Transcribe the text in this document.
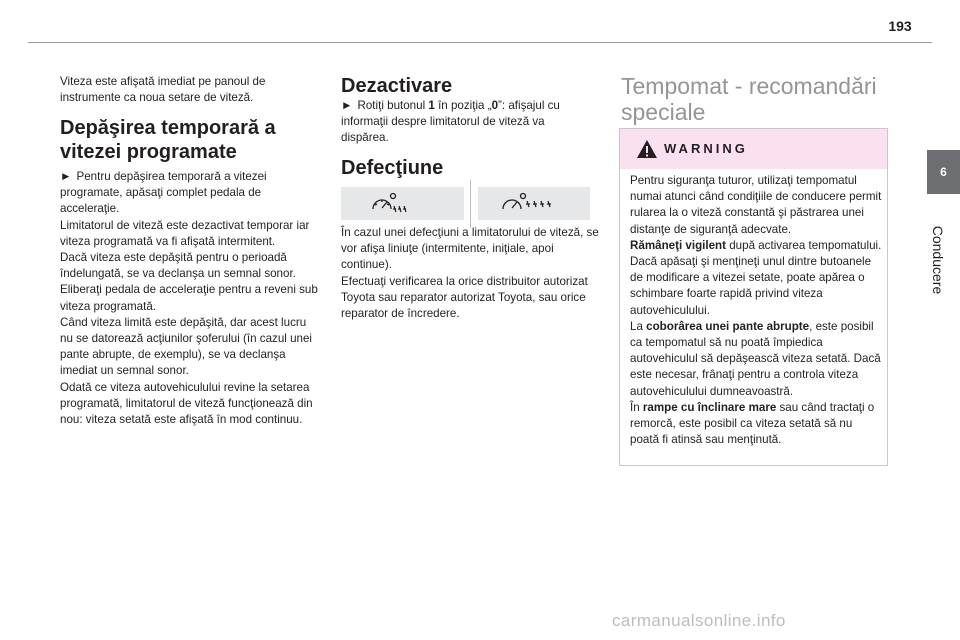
193
6
Conducere

Viteza este afişată imediat pe panoul de instrumente ca noua setare de viteză.

Depăşirea temporară a

vitezei programate

► Pentru depăşirea temporară a vitezei programate, apăsaţi complet pedala de acceleraţie.

Limitatorul de viteză este dezactivat temporar iar viteza programată va fi afişată intermitent.

Dacă viteza este depăşită pentru o perioadă îndelungată, se va declanşa un semnal sonor.

Eliberaţi pedala de acceleraţie pentru a reveni sub viteza programată.

Când viteza limită este depăşită, dar acest lucru nu se datorează acţiunilor şoferului (în cazul unei pante abrupte, de exemplu), se va declanşa imediat un semnal sonor.

Odată ce viteza autovehiculului revine la setarea programată, limitatorul de viteză funcţionează din nou: viteza setată este afişată în mod continuu.

Dezactivare

► Rotiţi butonul 1 în poziţia „0”: afişajul cu informaţii despre limitatorul de viteză va dispărea.

Defecţiune

În cazul unei defecţiuni a limitatorului de viteză, se vor afişa liniuţe (intermitente, iniţiale, apoi continue).

Efectuaţi verificarea la orice distribuitor autorizat Toyota sau reparator autorizat Toyota, sau orice reparator de încredere.

Tempomat - recomandări

speciale

WARNING

Pentru siguranţa tuturor, utilizaţi tempomatul numai atunci când condiţiile de conducere permit rularea la o viteză constantă şi păstrarea unei distanţe de siguranţă adecvate.

Rămâneţi vigilent după activarea tempomatului. Dacă apăsaţi şi menţineţi unul dintre butoanele de modificare a vitezei setate, poate apărea o schimbare foarte rapidă privind viteza autovehiculului.

La coborârea unei pante abrupte, este posibil ca tempomatul să nu poată împiedica autovehiculul să depăşească viteza setată. Dacă este necesar, frânaţi pentru a controla viteza autovehiculului dumneavoastră.

În rampe cu înclinare mare sau când tractaţi o remorcă, este posibil ca viteza setată să nu poată fi atinsă sau menţinută.

carmanualsonline.info
